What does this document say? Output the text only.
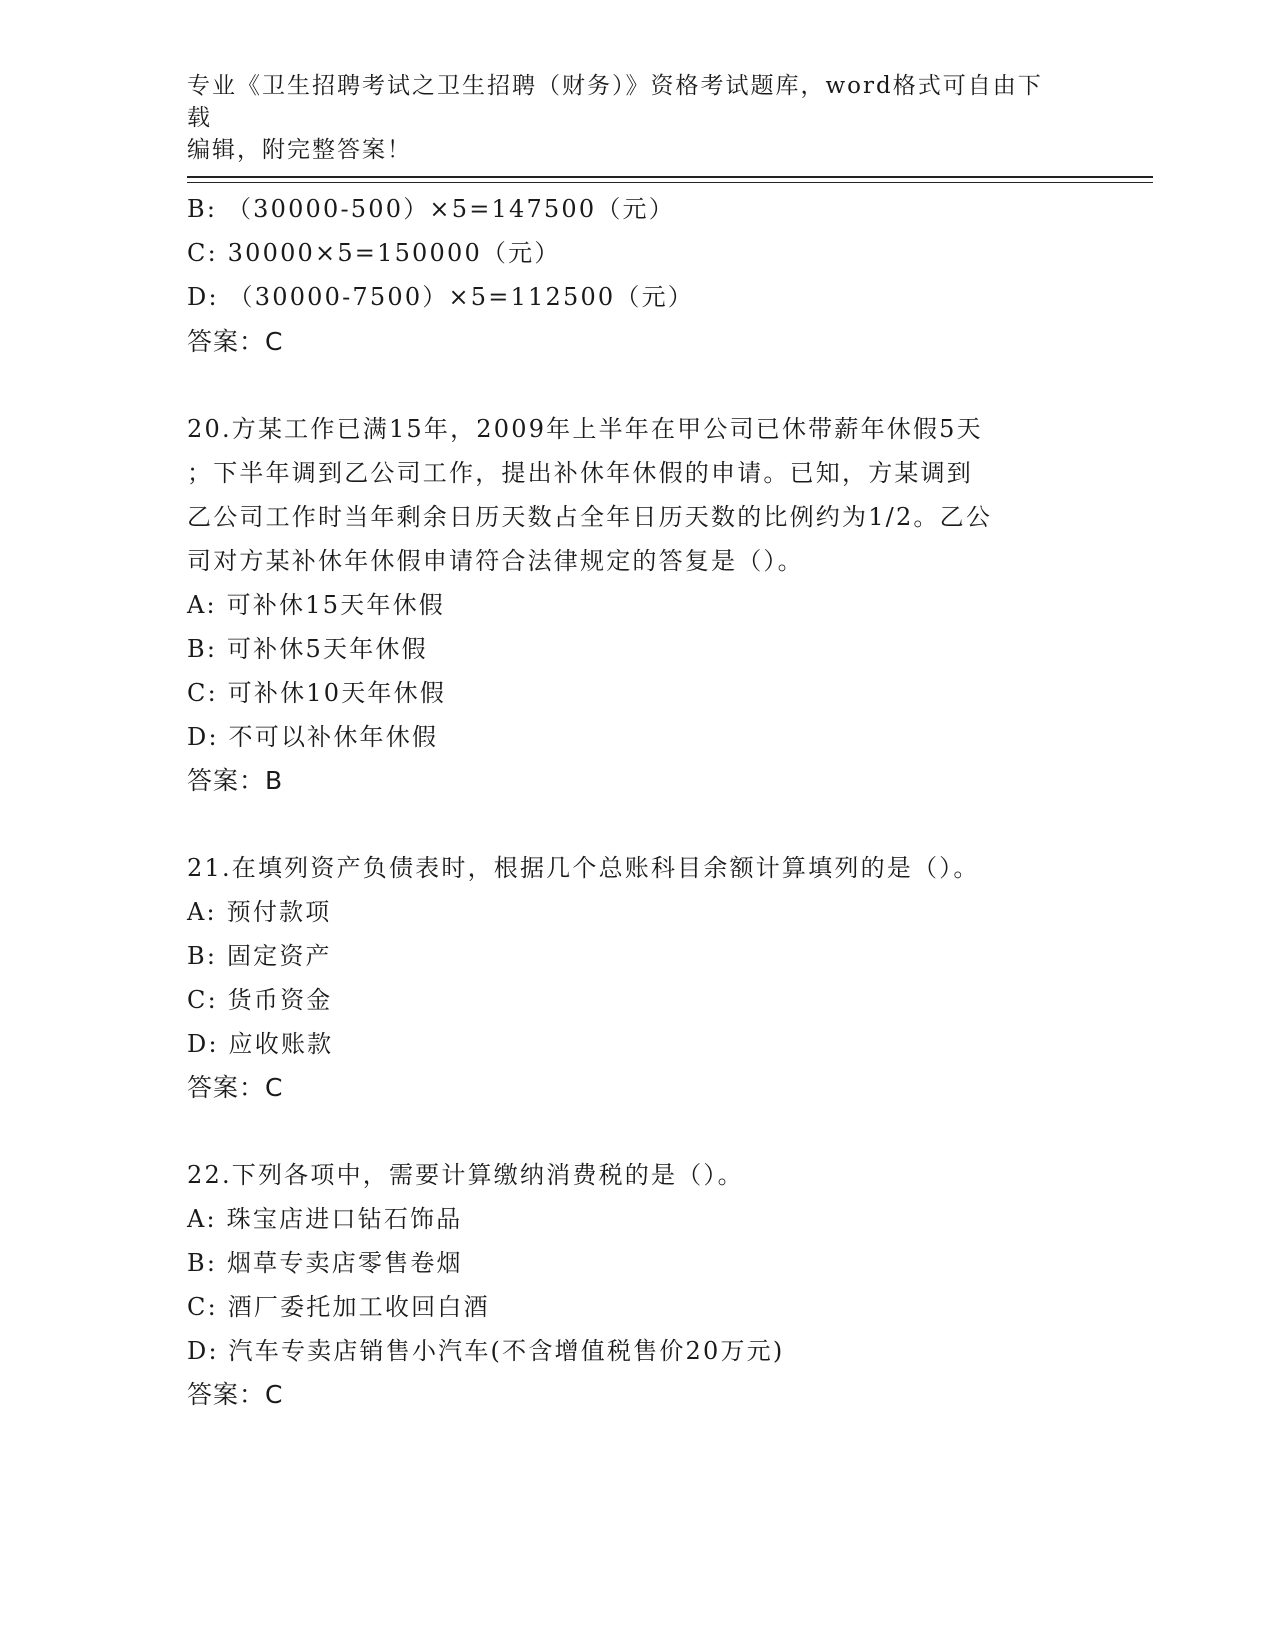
专业《卫生招聘考试之卫生招聘（财务）》资格考试题库，word格式可自由下载
编辑，附完整答案！
B: （30000-500）×5=147500（元）
C: 30000×5=150000（元）
D: （30000-7500）×5=112500（元）
答案：C
20.方某工作已满15年，2009年上半年在甲公司已休带薪年休假5天
；下半年调到乙公司工作，提出补休年休假的申请。已知，方某调到
乙公司工作时当年剩余日历天数占全年日历天数的比例约为1/2。乙公
司对方某补休年休假申请符合法律规定的答复是（）。
A: 可补休15天年休假
B: 可补休5天年休假
C: 可补休10天年休假
D: 不可以补休年休假
答案：B
21.在填列资产负债表时，根据几个总账科目余额计算填列的是（）。
A: 预付款项
B: 固定资产
C: 货币资金
D: 应收账款
答案：C
22.下列各项中，需要计算缴纳消费税的是（）。
A: 珠宝店进口钻石饰品
B: 烟草专卖店零售卷烟
C: 酒厂委托加工收回白酒
D: 汽车专卖店销售小汽车(不含增值税售价20万元)
答案：C
